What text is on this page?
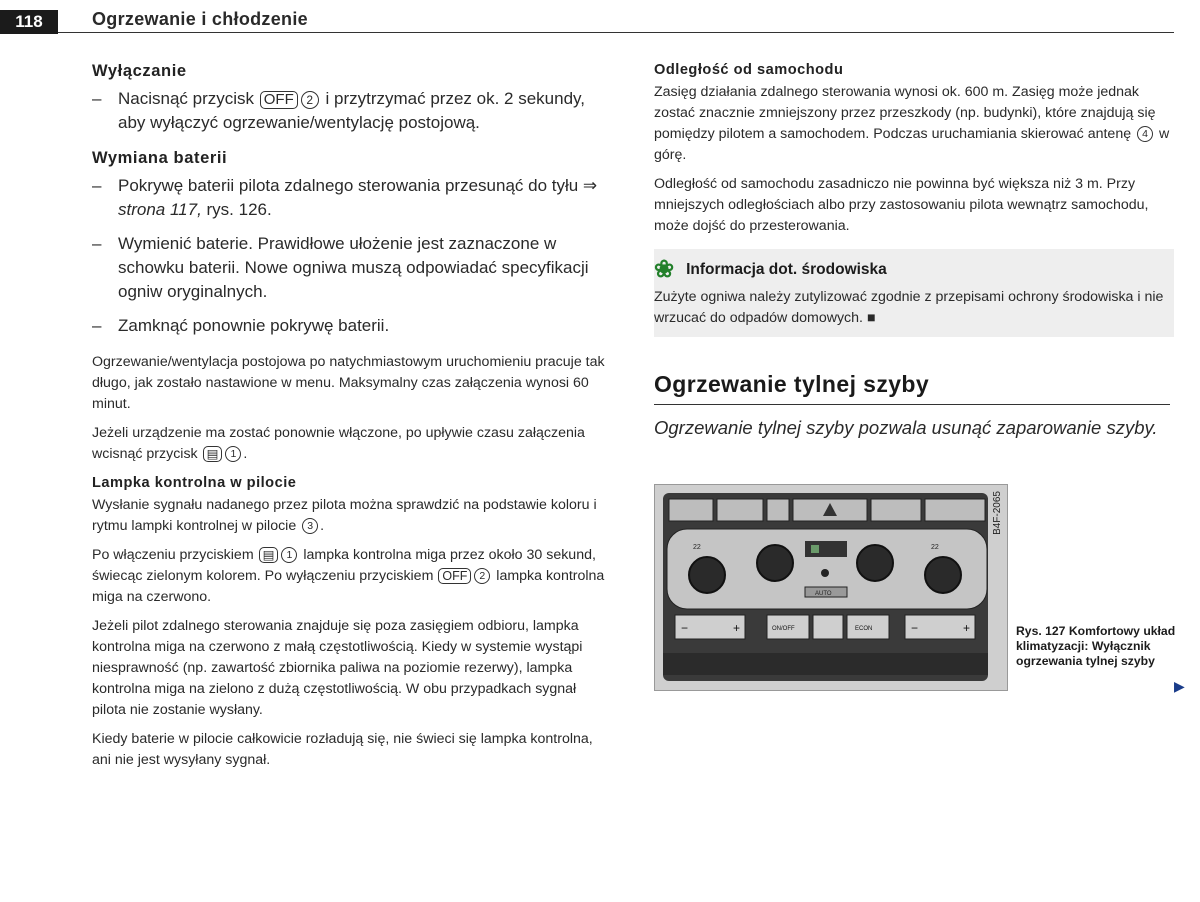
118	Ogrzewanie i chłodzenie
Wyłączanie
– Nacisnąć przycisk OFF 2 i przytrzymać przez ok. 2 sekundy, aby wyłączyć ogrzewanie/wentylację postojową.
Wymiana baterii
– Pokrywę baterii pilota zdalnego sterowania przesunąć do tyłu ⇒ strona 117, rys. 126.
– Wymienić baterie. Prawidłowe ułożenie jest zaznaczone w schowku baterii. Nowe ogniwa muszą odpowiadać specyfikacji ogniw oryginalnych.
– Zamknąć ponownie pokrywę baterii.

Ogrzewanie/wentylacja postojowa po natychmiastowym uruchomieniu pracuje tak długo, jak zostało nastawione w menu. Maksymalny czas załączenia wynosi 60 minut.

Jeżeli urządzenie ma zostać ponownie włączone, po upływie czasu załączenia wcisnąć przycisk ▤ 1 .

Lampka kontrolna w pilocie

Wysłanie sygnału nadanego przez pilota można sprawdzić na podstawie koloru i rytmu lampki kontrolnej w pilocie 3 .

Po włączeniu przyciskiem ▤ 1 lampka kontrolna miga przez około 30 sekund, świecąc zielonym kolorem. Po wyłączeniu przyciskiem OFF 2 lampka kontrolna miga na czerwono.

Jeżeli pilot zdalnego sterowania znajduje się poza zasięgiem odbioru, lampka kontrolna miga na czerwono z małą częstotliwością. Kiedy w systemie wystąpi niesprawność (np. zawartość zbiornika paliwa na poziomie rezerwy), lampka kontrolna miga na zielono z dużą częstotliwością. W obu przypadkach sygnał pilota nie zostanie wysłany.

Kiedy baterie w pilocie całkowicie rozładują się, nie świeci się lampka kontrolna, ani nie jest wysyłany sygnał.

Odległość od samochodu

Zasięg działania zdalnego sterowania wynosi ok. 600 m. Zasięg może jednak zostać znacznie zmniejszony przez przeszkody (np. budynki), które znajdują się pomiędzy pilotem a samochodem. Podczas uruchamiania skierować antenę 4 w górę.

Odległość od samochodu zasadniczo nie powinna być większa niż 3 m. Przy mniejszych odległościach albo przy zastosowaniu pilota wewnątrz samochodu, może dojść do przesterowania.

❀ Informacja dot. środowiska

Zużyte ogniwa należy zutylizować zgodnie z przepisami ochrony środowiska i nie wrzucać do odpadów domowych. ■

Ogrzewanie tylnej szyby
Ogrzewanie tylnej szyby pozwala usunąć zaparowanie szyby.
22	22
AUTO
−	+	ON/OFF	ECON	−	+
B4F-2065
Rys. 127 Komfortowy układ klimatyzacji: Wyłącznik ogrzewania tylnej szyby
▶
